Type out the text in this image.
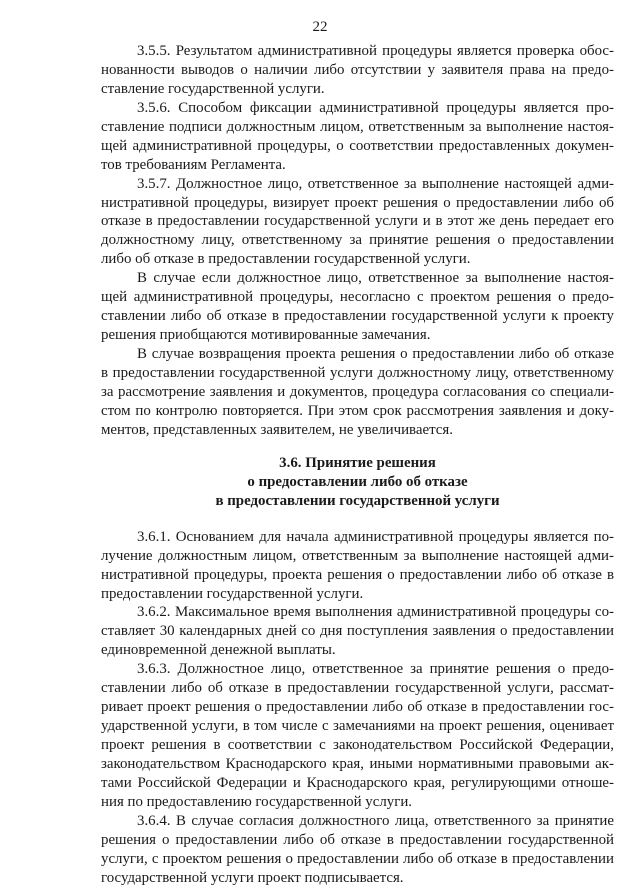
22
3.5.5. Результатом административной процедуры является проверка обос-
нованности выводов о наличии либо отсутствии у заявителя права на предо-
ставление государственной услуги.
3.5.6. Способом фиксации административной процедуры является про-
ставление подписи должностным лицом, ответственным за выполнение настоя-
щей административной процедуры, о соответствии предоставленных докумен-
тов требованиям Регламента.
3.5.7. Должностное лицо, ответственное за выполнение настоящей адми-
нистративной процедуры, визирует проект решения о предоставлении либо об
отказе в предоставлении государственной услуги и в этот же день передает его
должностному лицу, ответственному за принятие решения о предоставлении
либо об отказе в предоставлении государственной услуги.
В случае если должностное лицо, ответственное за выполнение настоя-
щей административной процедуры, несогласно с проектом решения о предо-
ставлении либо об отказе в предоставлении государственной услуги к проекту
решения приобщаются мотивированные замечания.
В случае возвращения проекта решения о предоставлении либо об отказе
в предоставлении государственной услуги должностному лицу, ответственному
за рассмотрение заявления и документов, процедура согласования со специали-
стом по контролю повторяется. При этом срок рассмотрения заявления и доку-
ментов, представленных заявителем, не увеличивается.
3.6. Принятие решения
о предоставлении либо об отказе
в предоставлении государственной услуги
3.6.1. Основанием для начала административной процедуры является по-
лучение должностным лицом, ответственным за выполнение настоящей адми-
нистративной процедуры, проекта решения о предоставлении либо об отказе в
предоставлении государственной услуги.
3.6.2. Максимальное время выполнения административной процедуры со-
ставляет 30 календарных дней со дня поступления заявления о предоставлении
единовременной денежной выплаты.
3.6.3. Должностное лицо, ответственное за принятие решения о предо-
ставлении либо об отказе в предоставлении государственной услуги, рассмат-
ривает проект решения о предоставлении либо об отказе в предоставлении гос-
ударственной услуги, в том числе с замечаниями на проект решения, оценивает
проект решения в соответствии с законодательством Российской Федерации,
законодательством Краснодарского края, иными нормативными правовыми ак-
тами Российской Федерации и Краснодарского края, регулирующими отноше-
ния по предоставлению государственной услуги.
3.6.4. В случае согласия должностного лица, ответственного за принятие
решения о предоставлении либо об отказе в предоставлении государственной
услуги, с проектом решения о предоставлении либо об отказе в предоставлении
государственной услуги проект подписывается.
